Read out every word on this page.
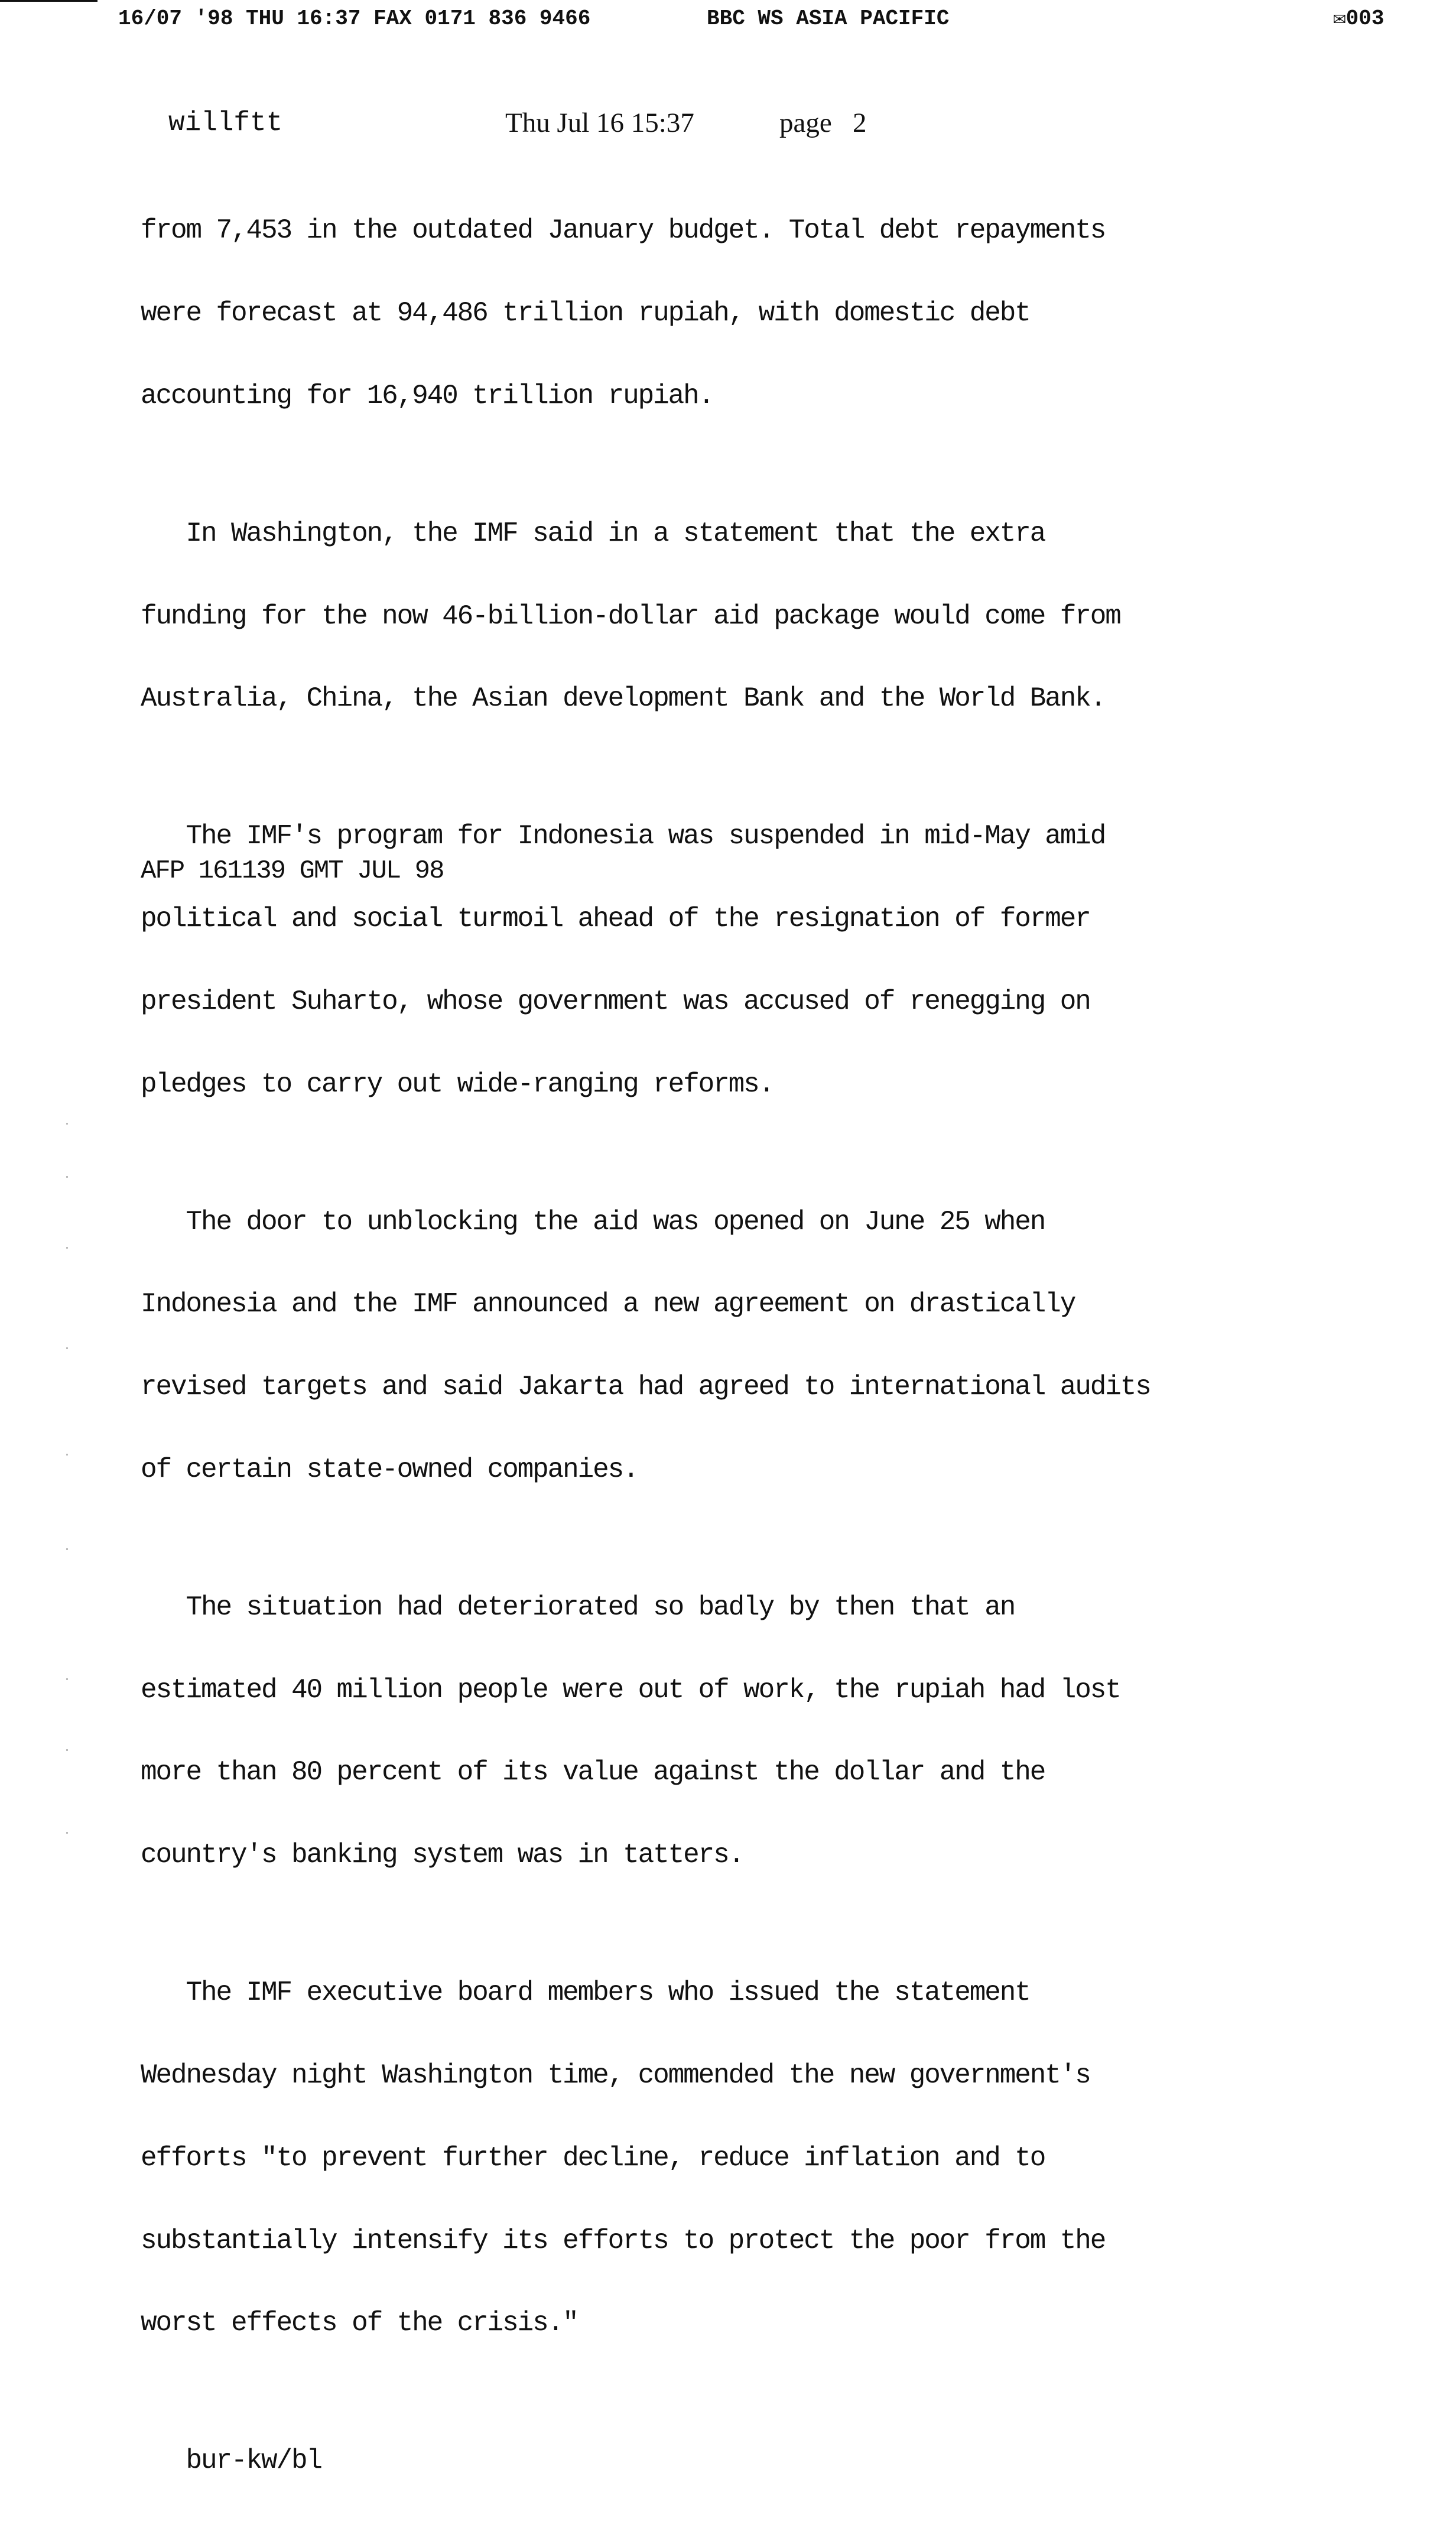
16/07 '98 THU 16:37 FAX 0171 836 9466

	BBC WS ASIA PACIFIC

	✉003

willftt

	Thu Jul 16 15:37

	page   2

from 7,453 in the outdated January budget. Total debt repayments

were forecast at 94,486 trillion rupiah, with domestic debt

accounting for 16,940 trillion rupiah.

In Washington, the IMF said in a statement that the extra

funding for the now 46-billion-dollar aid package would come from

Australia, China, the Asian development Bank and the World Bank.

The IMF's program for Indonesia was suspended in mid-May amid

political and social turmoil ahead of the resignation of former

president Suharto, whose government was accused of renegging on

pledges to carry out wide-ranging reforms.

The door to unblocking the aid was opened on June 25 when

Indonesia and the IMF announced a new agreement on drastically

revised targets and said Jakarta had agreed to international audits

of certain state-owned companies.

The situation had deteriorated so badly by then that an

estimated 40 million people were out of work, the rupiah had lost

more than 80 percent of its value against the dollar and the

country's banking system was in tatters.

The IMF executive board members who issued the statement

Wednesday night Washington time, commended the new government's

efforts "to prevent further decline, reduce inflation and to

substantially intensify its efforts to protect the poor from the

worst effects of the crisis."

bur-kw/bl

AFP 161139 GMT JUL 98
